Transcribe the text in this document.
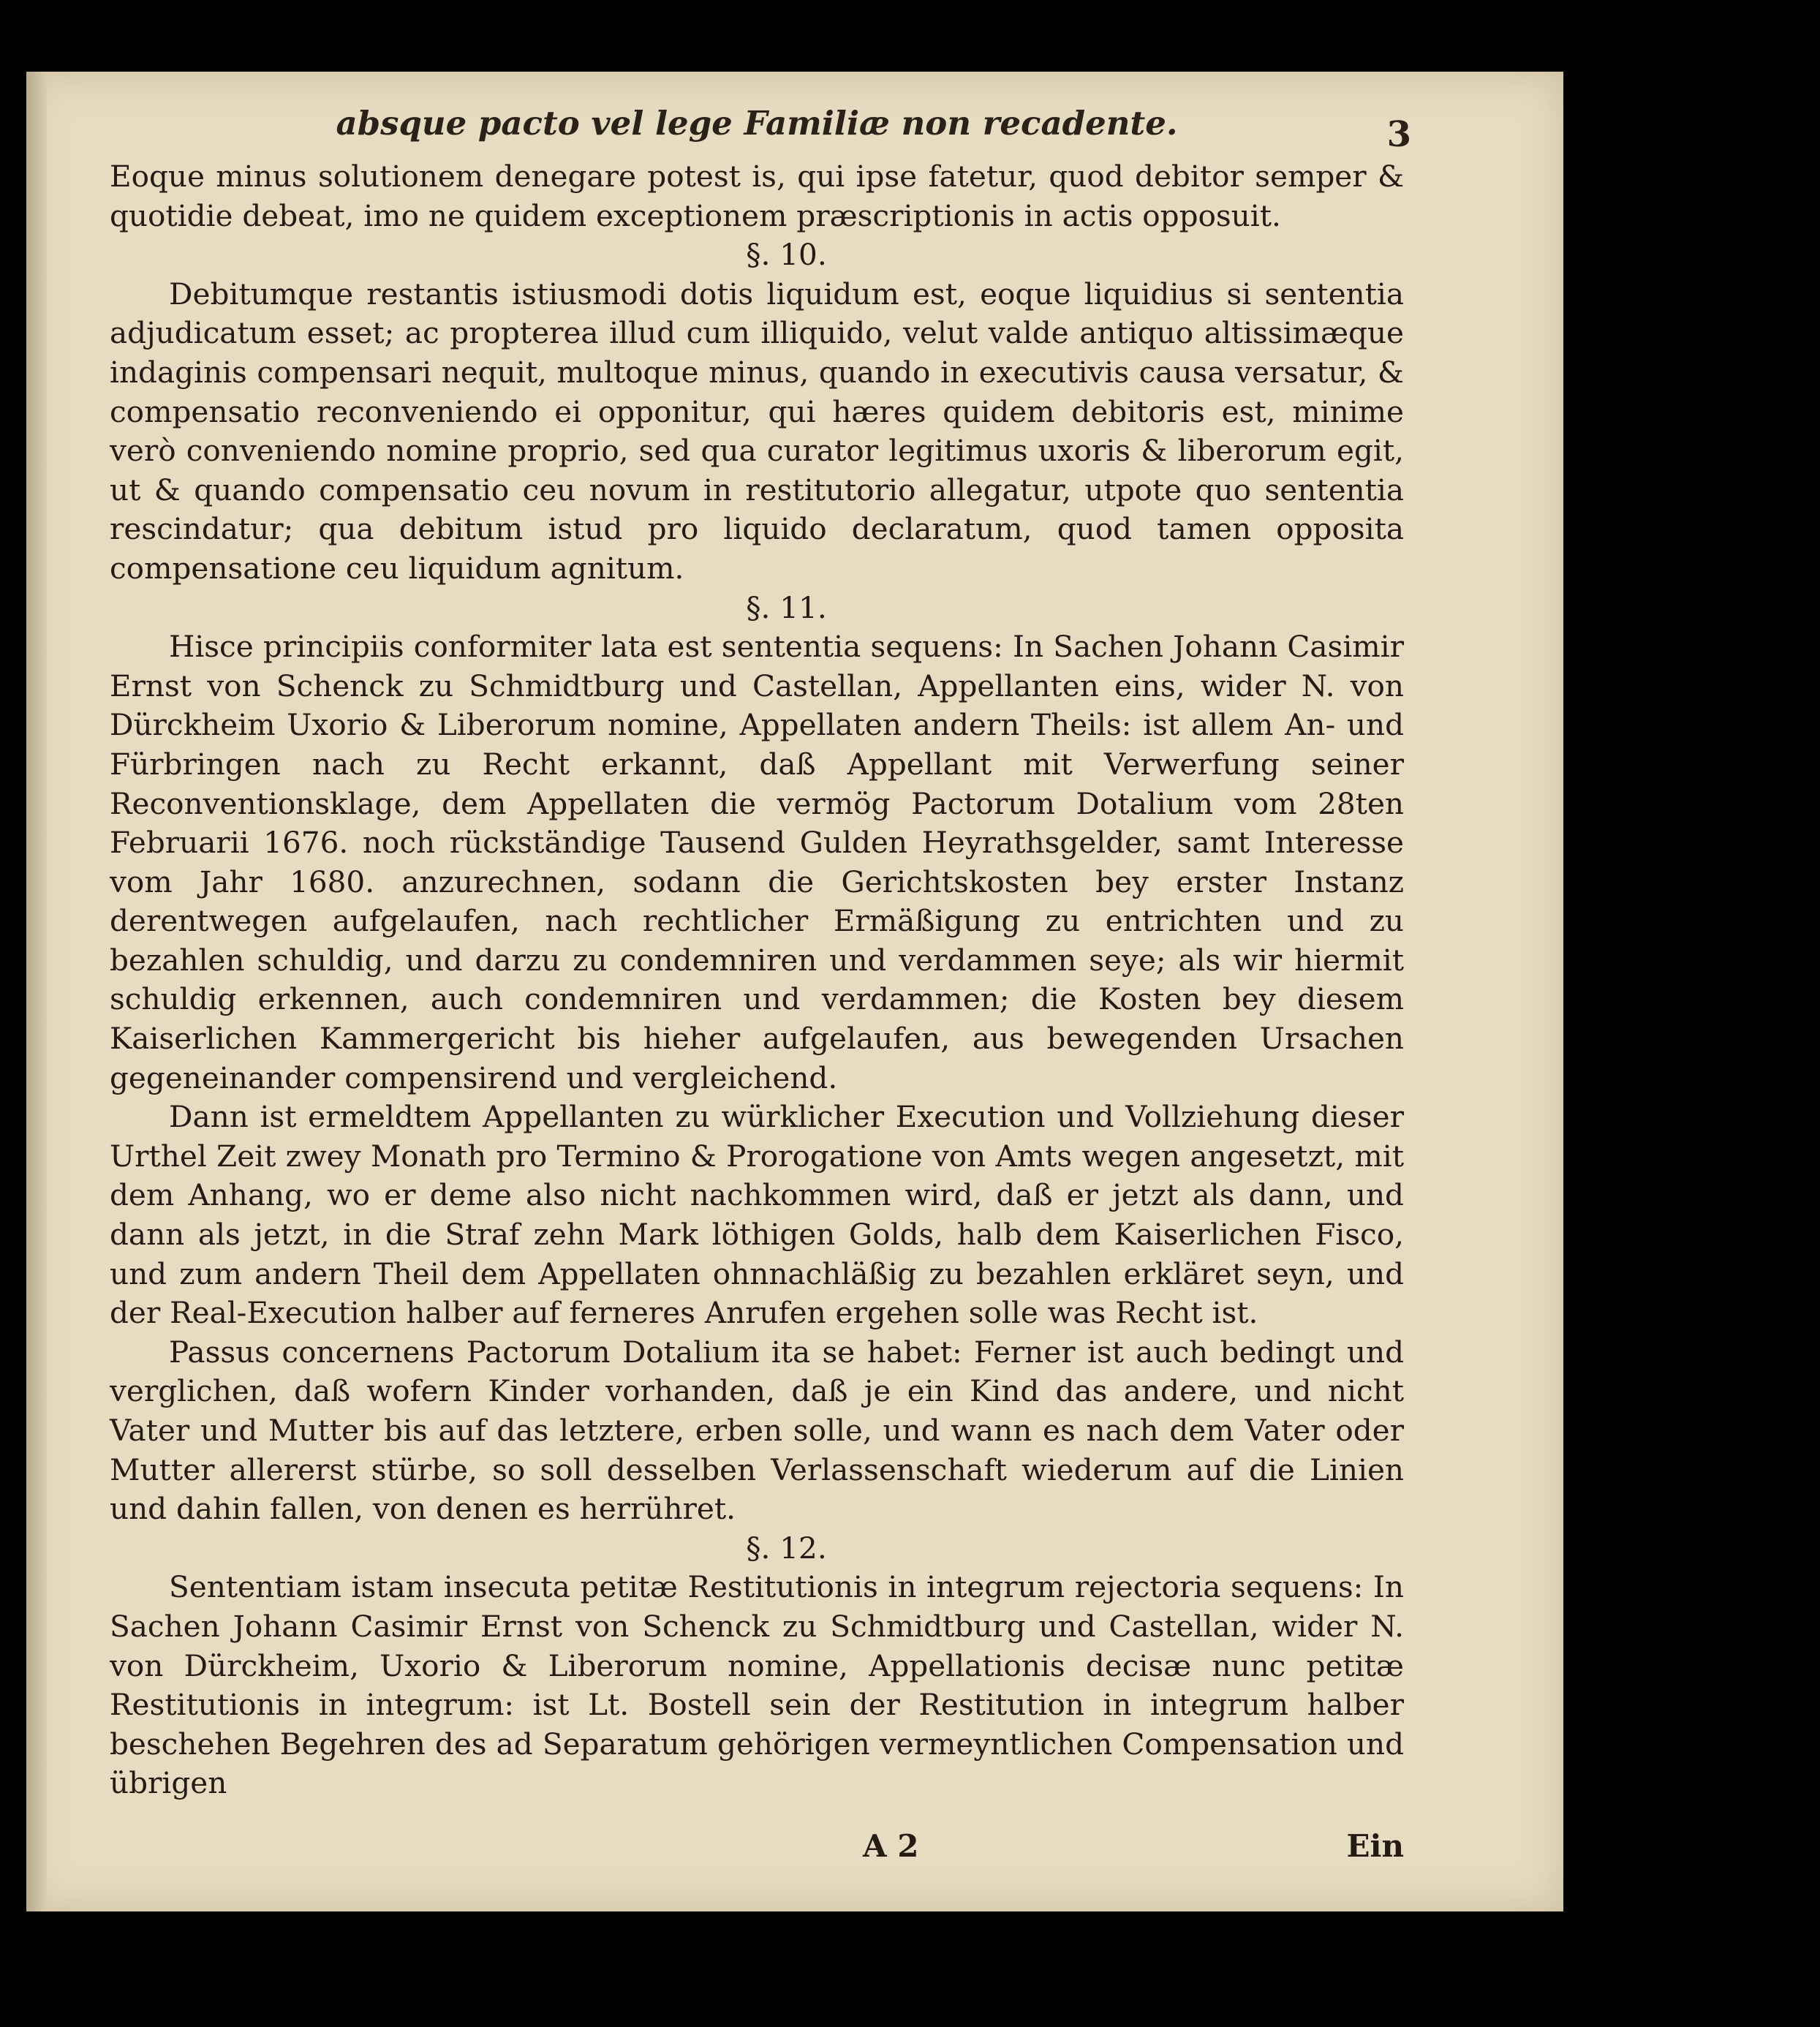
absque pacto vel lege Familiæ non recadente.	3

Eoque minus solutionem denegare potest is, qui ipse fatetur, quod debitor semper & quotidie debeat, imo ne quidem exceptionem præscriptionis in actis opposuit.

§. 10.

Debitumque restantis istiusmodi dotis liquidum est, eoque liquidius si sententia adjudicatum esset; ac propterea illud cum illiquido, velut valde antiquo altissimæque indaginis compensari nequit, multoque minus, quando in executivis causa versatur, & compensatio reconveniendo ei opponitur, qui hæres quidem debitoris est, minime verò conveniendo nomine proprio, sed qua curator legitimus uxoris & liberorum egit, ut & quando compensatio ceu novum in restitutorio allegatur, utpote quo sententia rescindatur; qua debitum istud pro liquido declaratum, quod tamen opposita compensatione ceu liquidum agnitum.

§. 11.

Hisce principiis conformiter lata est sententia sequens: In Sachen Johann Casimir Ernst von Schenck zu Schmidtburg und Castellan, Appellanten eins, wider N. von Dürckheim Uxorio & Liberorum nomine, Appellaten andern Theils: ist allem An- und Fürbringen nach zu Recht erkannt, daß Appellant mit Verwerfung seiner Reconventionsklage, dem Appellaten die vermög Pactorum Dotalium vom 28ten Februarii 1676. noch rückständige Tausend Gulden Heyrathsgelder, samt Interesse vom Jahr 1680. anzurechnen, sodann die Gerichtskosten bey erster Instanz derentwegen aufgelaufen, nach rechtlicher Ermäßigung zu entrichten und zu bezahlen schuldig, und darzu zu condemniren und verdammen seye; als wir hiermit schuldig erkennen, auch condemniren und verdammen; die Kosten bey diesem Kaiserlichen Kammergericht bis hieher aufgelaufen, aus bewegenden Ursachen gegeneinander compensirend und vergleichend.

Dann ist ermeldtem Appellanten zu würklicher Execution und Vollziehung dieser Urthel Zeit zwey Monath pro Termino & Prorogatione von Amts wegen angesetzt, mit dem Anhang, wo er deme also nicht nachkommen wird, daß er jetzt als dann, und dann als jetzt, in die Straf zehn Mark löthigen Golds, halb dem Kaiserlichen Fisco, und zum andern Theil dem Appellaten ohnnachläßig zu bezahlen erkläret seyn, und der Real-Execution halber auf ferneres Anrufen ergehen solle was Recht ist.

Passus concernens Pactorum Dotalium ita se habet: Ferner ist auch bedingt und verglichen, daß wofern Kinder vorhanden, daß je ein Kind das andere, und nicht Vater und Mutter bis auf das letztere, erben solle, und wann es nach dem Vater oder Mutter allererst stürbe, so soll desselben Verlassenschaft wiederum auf die Linien und dahin fallen, von denen es herrühret.

§. 12.

Sententiam istam insecuta petitæ Restitutionis in integrum rejectoria sequens: In Sachen Johann Casimir Ernst von Schenck zu Schmidtburg und Castellan, wider N. von Dürckheim, Uxorio & Liberorum nomine, Appellationis decisæ nunc petitæ Restitutionis in integrum: ist Lt. Bostell sein der Restitution in integrum halber beschehen Begehren des ad Separatum gehörigen vermeyntlichen Compensation und übrigen

A 2	Ein
